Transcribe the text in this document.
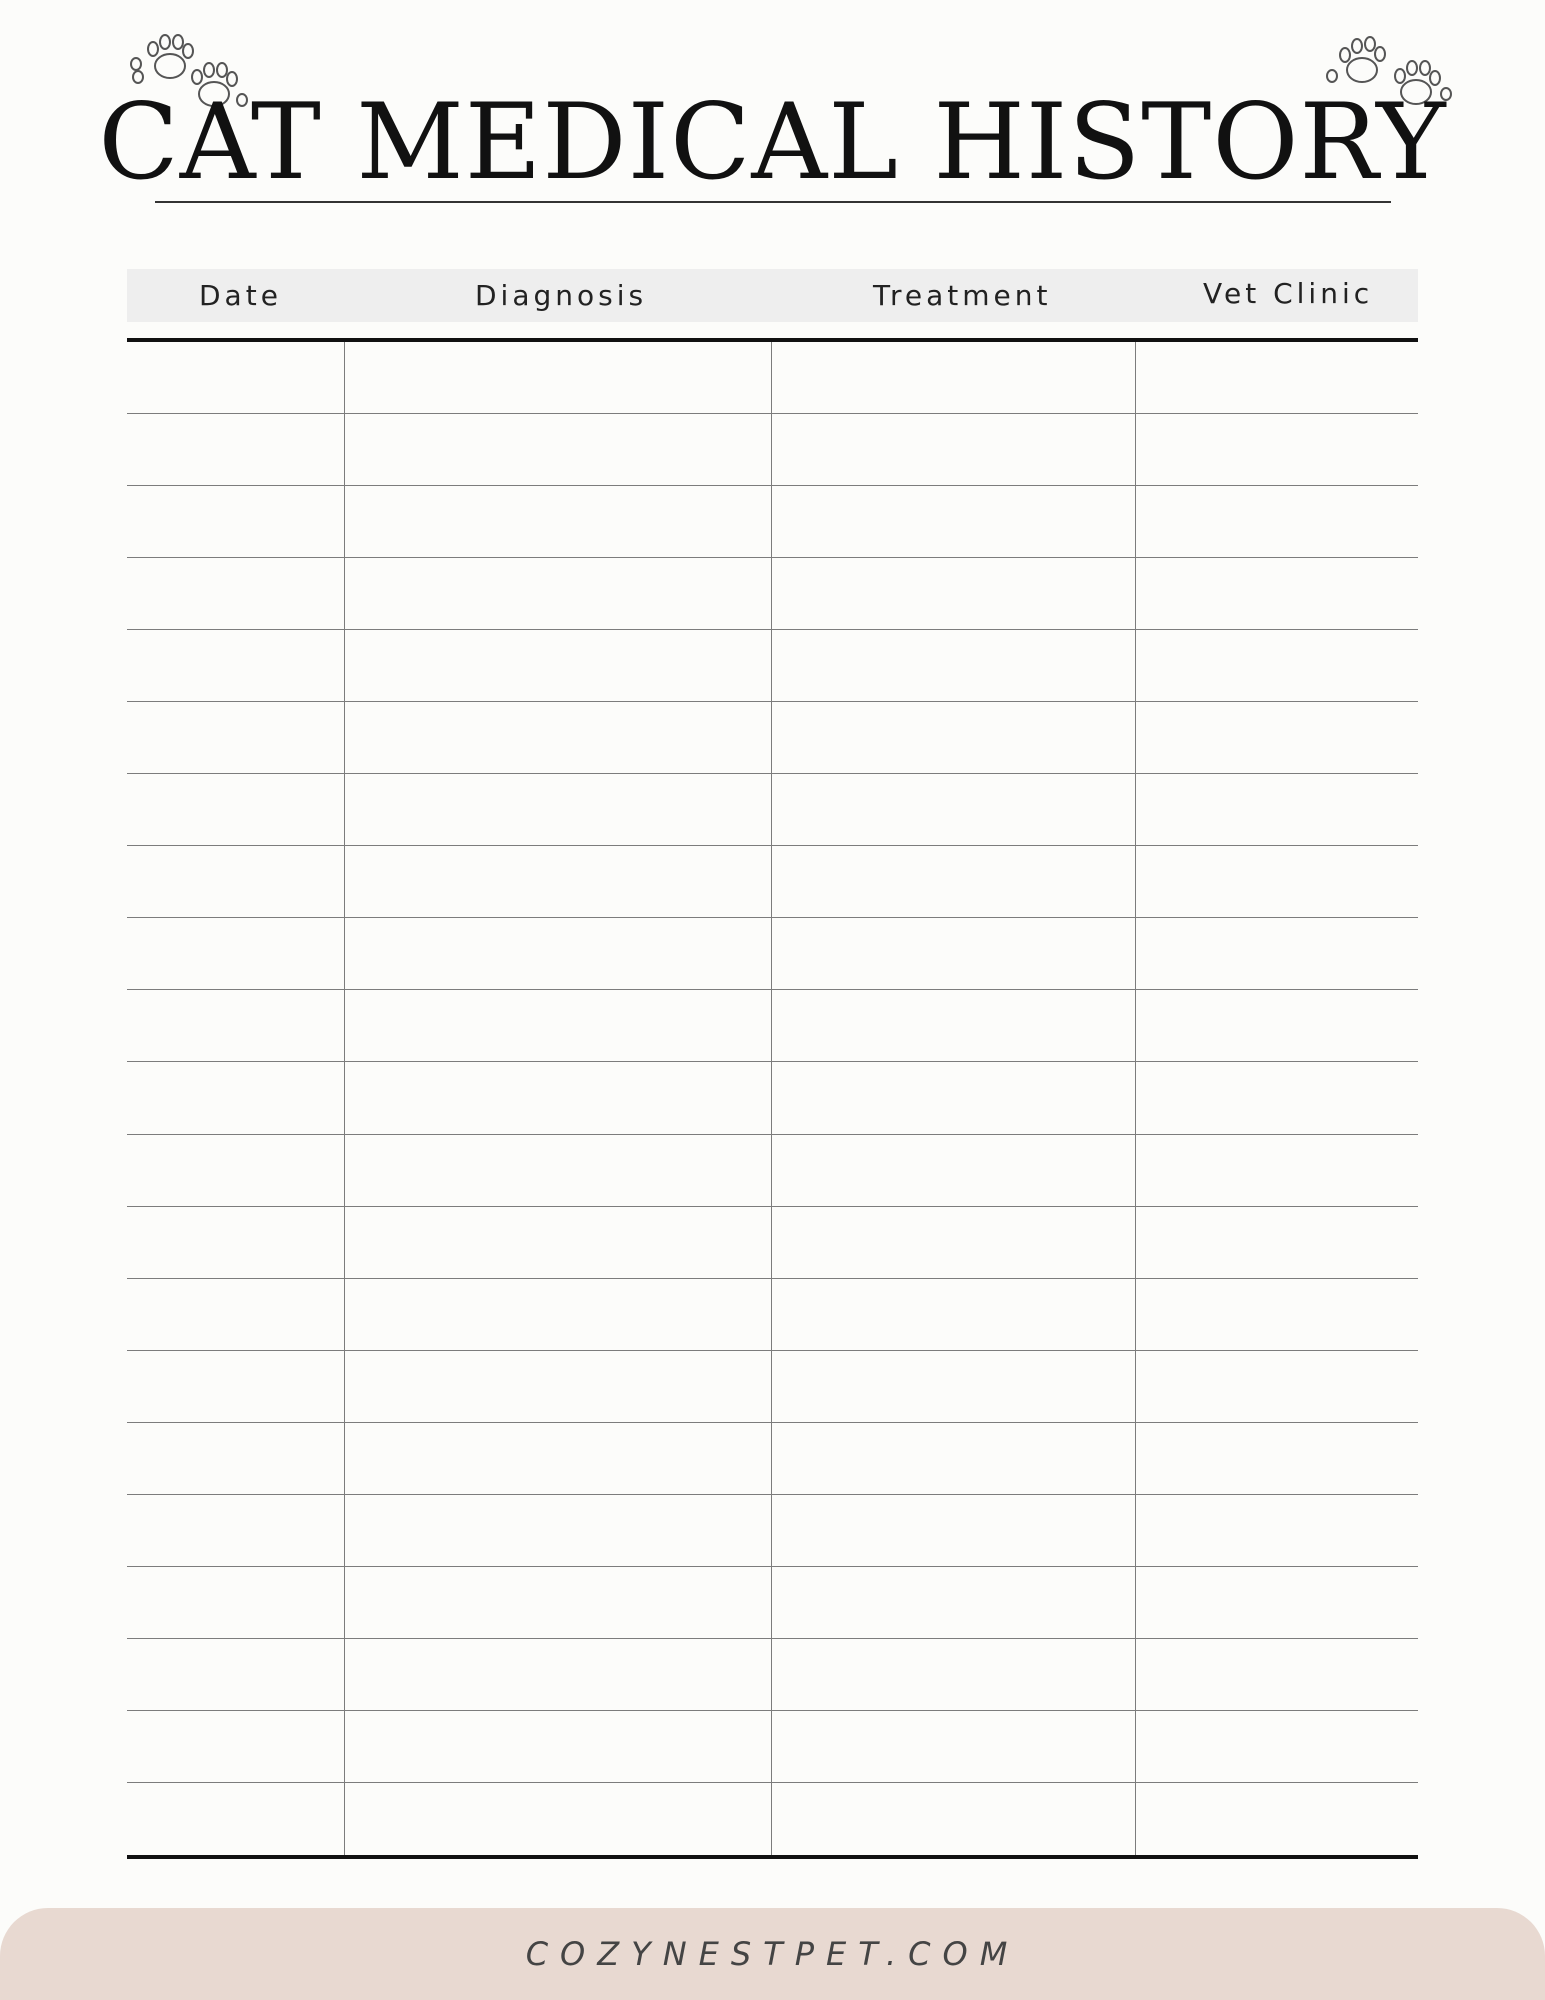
CAT MEDICAL HISTORY
Date	Diagnosis	Treatment	Vet Clinic
COZYNESTPET.COM
